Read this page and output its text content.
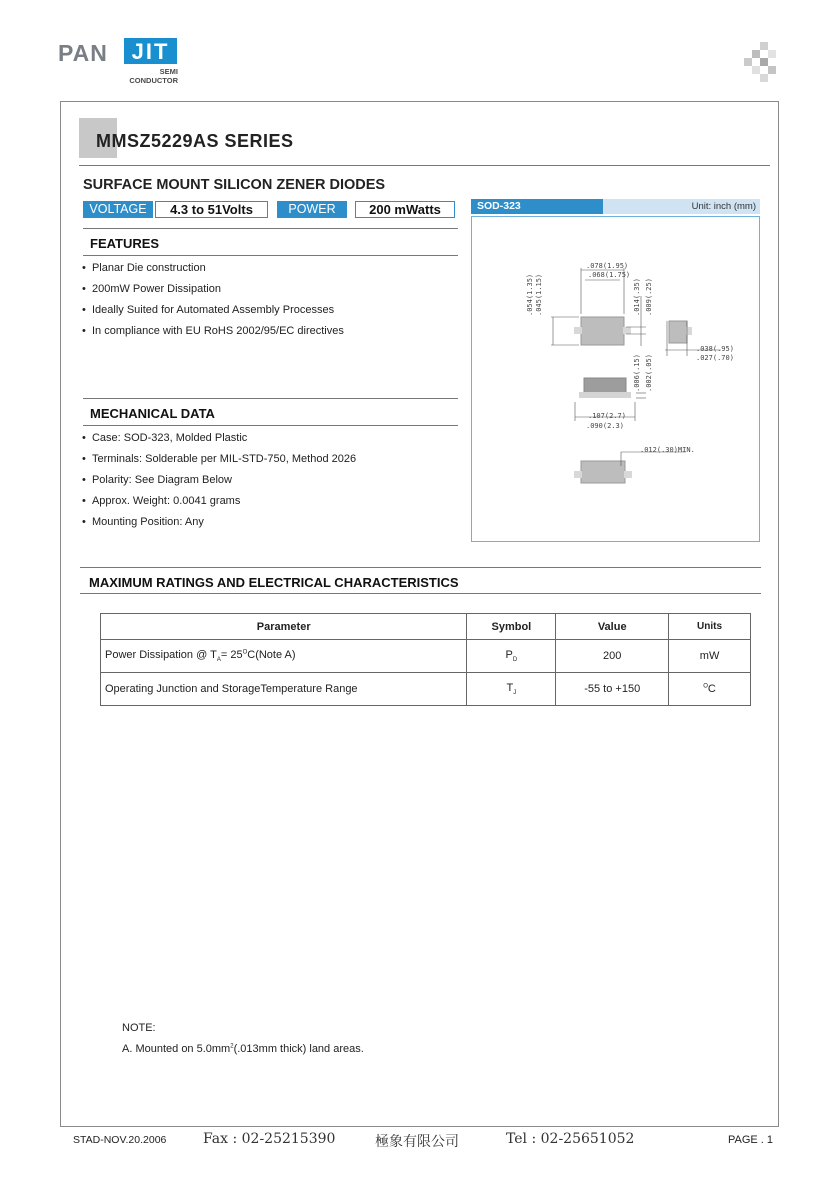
PAN	JIT
SEMI
CONDUCTOR
MMSZ5229AS SERIES
SURFACE MOUNT SILICON ZENER DIODES
VOLTAGE	4.3 to 51Volts	POWER	200 mWatts
FEATURES
•  Planar Die construction
•  200mW Power Dissipation
•  Ideally Suited for Automated Assembly Processes
•  In compliance with EU RoHS 2002/95/EC directives
MECHANICAL DATA
•  Case: SOD-323, Molded Plastic
•  Terminals: Solderable per MIL-STD-750, Method 2026
•  Polarity: See Diagram Below
•  Approx. Weight: 0.0041 grams
•  Mounting Position: Any
SOD-323	Unit: inch (mm)
.078(1.95)
.068(1.75)
.054(1.35) .045(1.15)	.014(.35) .009(.25)
.038(.95)
.027(.70)
.006(.15) .002(.05)
.107(2.7)
.090(2.3)
.012(.30)MIN.
MAXIMUM RATINGS AND ELECTRICAL CHARACTERISTICS
Parameter	Symbol	Value	Units
Power Dissipation @ $T_A=$ $25^OC(Note$ A)	$P_D$	200	mW
Operating Junction and StorageTemperature Range	$T_J$	-55 to +150	$^O$C
NOTE:
A. Mounted on $5.0mm^2(.013mm$ thick) land areas.
STAD-NOV.20.2006	Fax : 02-25215390	極象有限公司	Tel : 02-25651052	PAGE . 1
